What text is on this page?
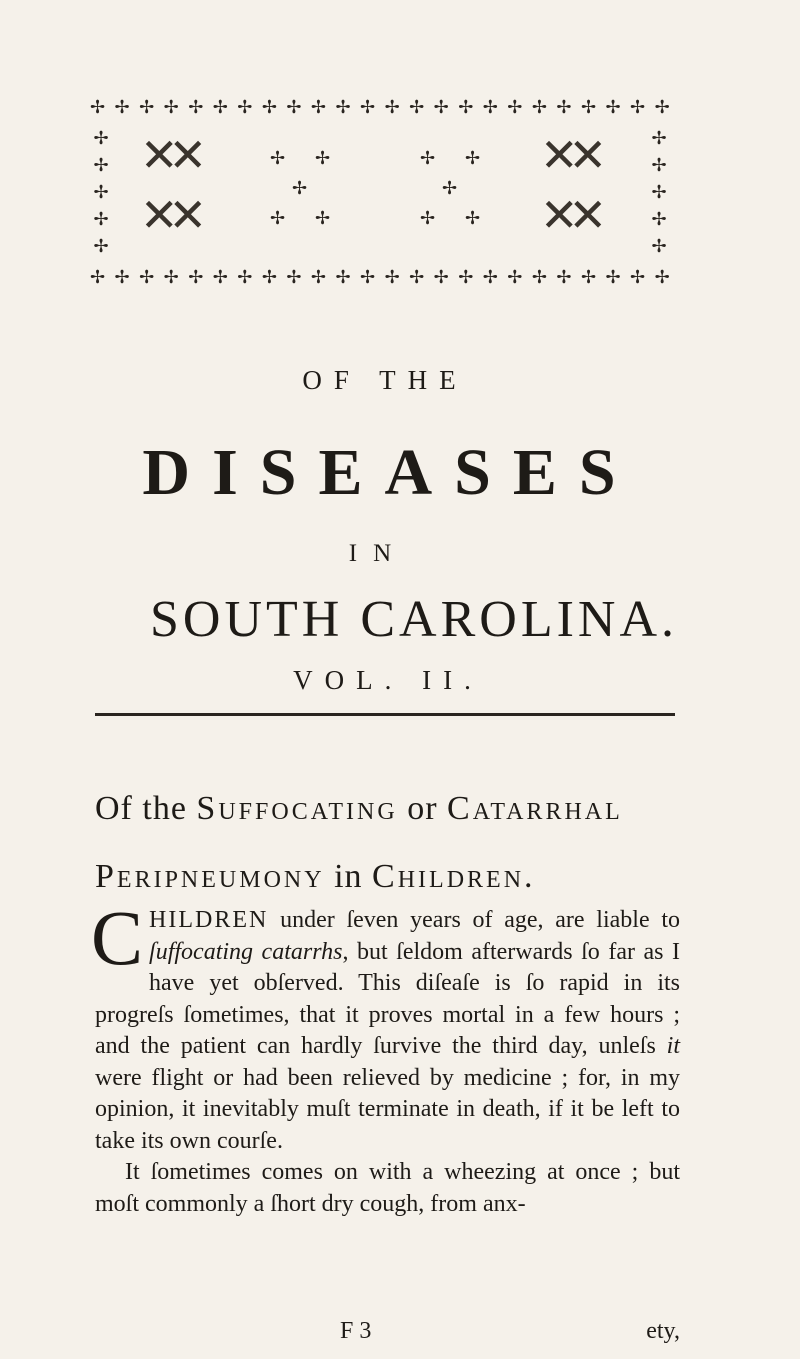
✢ ✢ ✢ ✢ ✢ ✢ ✢ ✢ ✢ ✢ ✢ ✢ ✢ ✢ ✢ ✢ ✢ ✢ ✢ ✢ ✢ ✢ ✢ ✢
✢
✢
✢
✢
✢
✢
✢
✢
✢
✢
✕✕
✕✕
✕✕
✕✕
✢ ✢
✢
✢ ✢
✢ ✢
✢
✢ ✢
✢ ✢ ✢ ✢ ✢ ✢ ✢ ✢ ✢ ✢ ✢ ✢ ✢ ✢ ✢ ✢ ✢ ✢ ✢ ✢ ✢ ✢ ✢ ✢
OF THE
DISEASES
IN
SOUTH CAROLINA.
VOL. II.
Of the Suffocating or Catarrhal
Peripneumony in Children.

CHILDREN under ſeven years of age, are liable to ſuffocating catarrhs, but ſeldom afterwards ſo far as I have yet obſerved. This diſeaſe is ſo rapid in its progreſs ſometimes, that it proves mortal in a few hours ; and the patient can hardly ſurvive the third day, unleſs it were flight or had been relieved by medicine ; for, in my opinion, it inevitably muſt terminate in death, if it be left to take its own courſe.

It ſometimes comes on with a wheezing at once ; but moſt commonly a ſhort dry cough, from anx-

F 3	ety,
